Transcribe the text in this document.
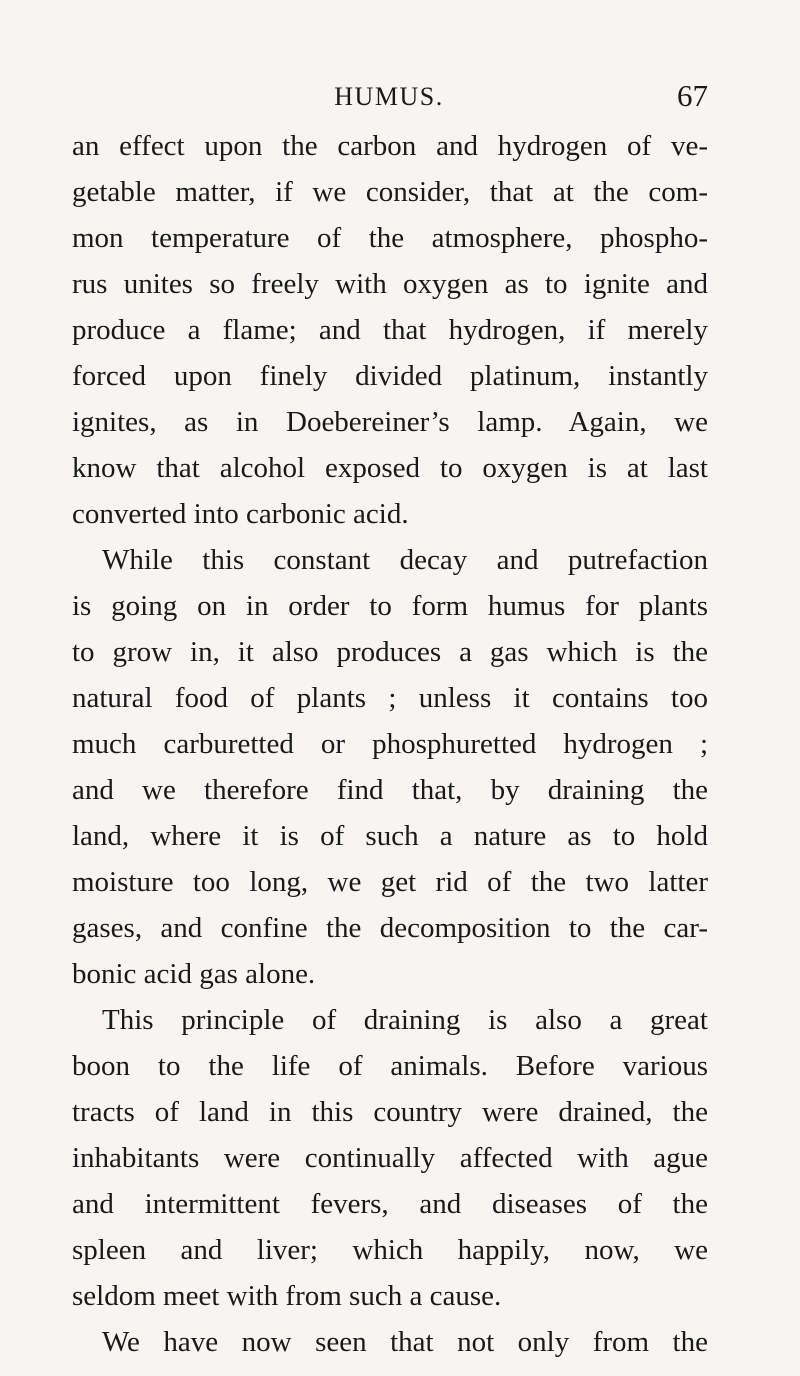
HUMUS.	67
an effect upon the carbon and hydrogen of ve-
getable matter, if we consider, that at the com-
mon temperature of the atmosphere, phospho-
rus unites so freely with oxygen as to ignite and
produce a flame; and that hydrogen, if merely
forced upon finely divided platinum, instantly
ignites, as in Doebereiner’s lamp. Again, we
know that alcohol exposed to oxygen is at last
converted into carbonic acid.
While this constant decay and putrefaction
is going on in order to form humus for plants
to grow in, it also produces a gas which is the
natural food of plants ; unless it contains too
much carburetted or phosphuretted hydrogen ;
and we therefore find that, by draining the
land, where it is of such a nature as to hold
moisture too long, we get rid of the two latter
gases, and confine the decomposition to the car-
bonic acid gas alone.
This principle of draining is also a great
boon to the life of animals. Before various
tracts of land in this country were drained, the
inhabitants were continually affected with ague
and intermittent fevers, and diseases of the
spleen and liver; which happily, now, we
seldom meet with from such a cause.
We have now seen that not only from the
